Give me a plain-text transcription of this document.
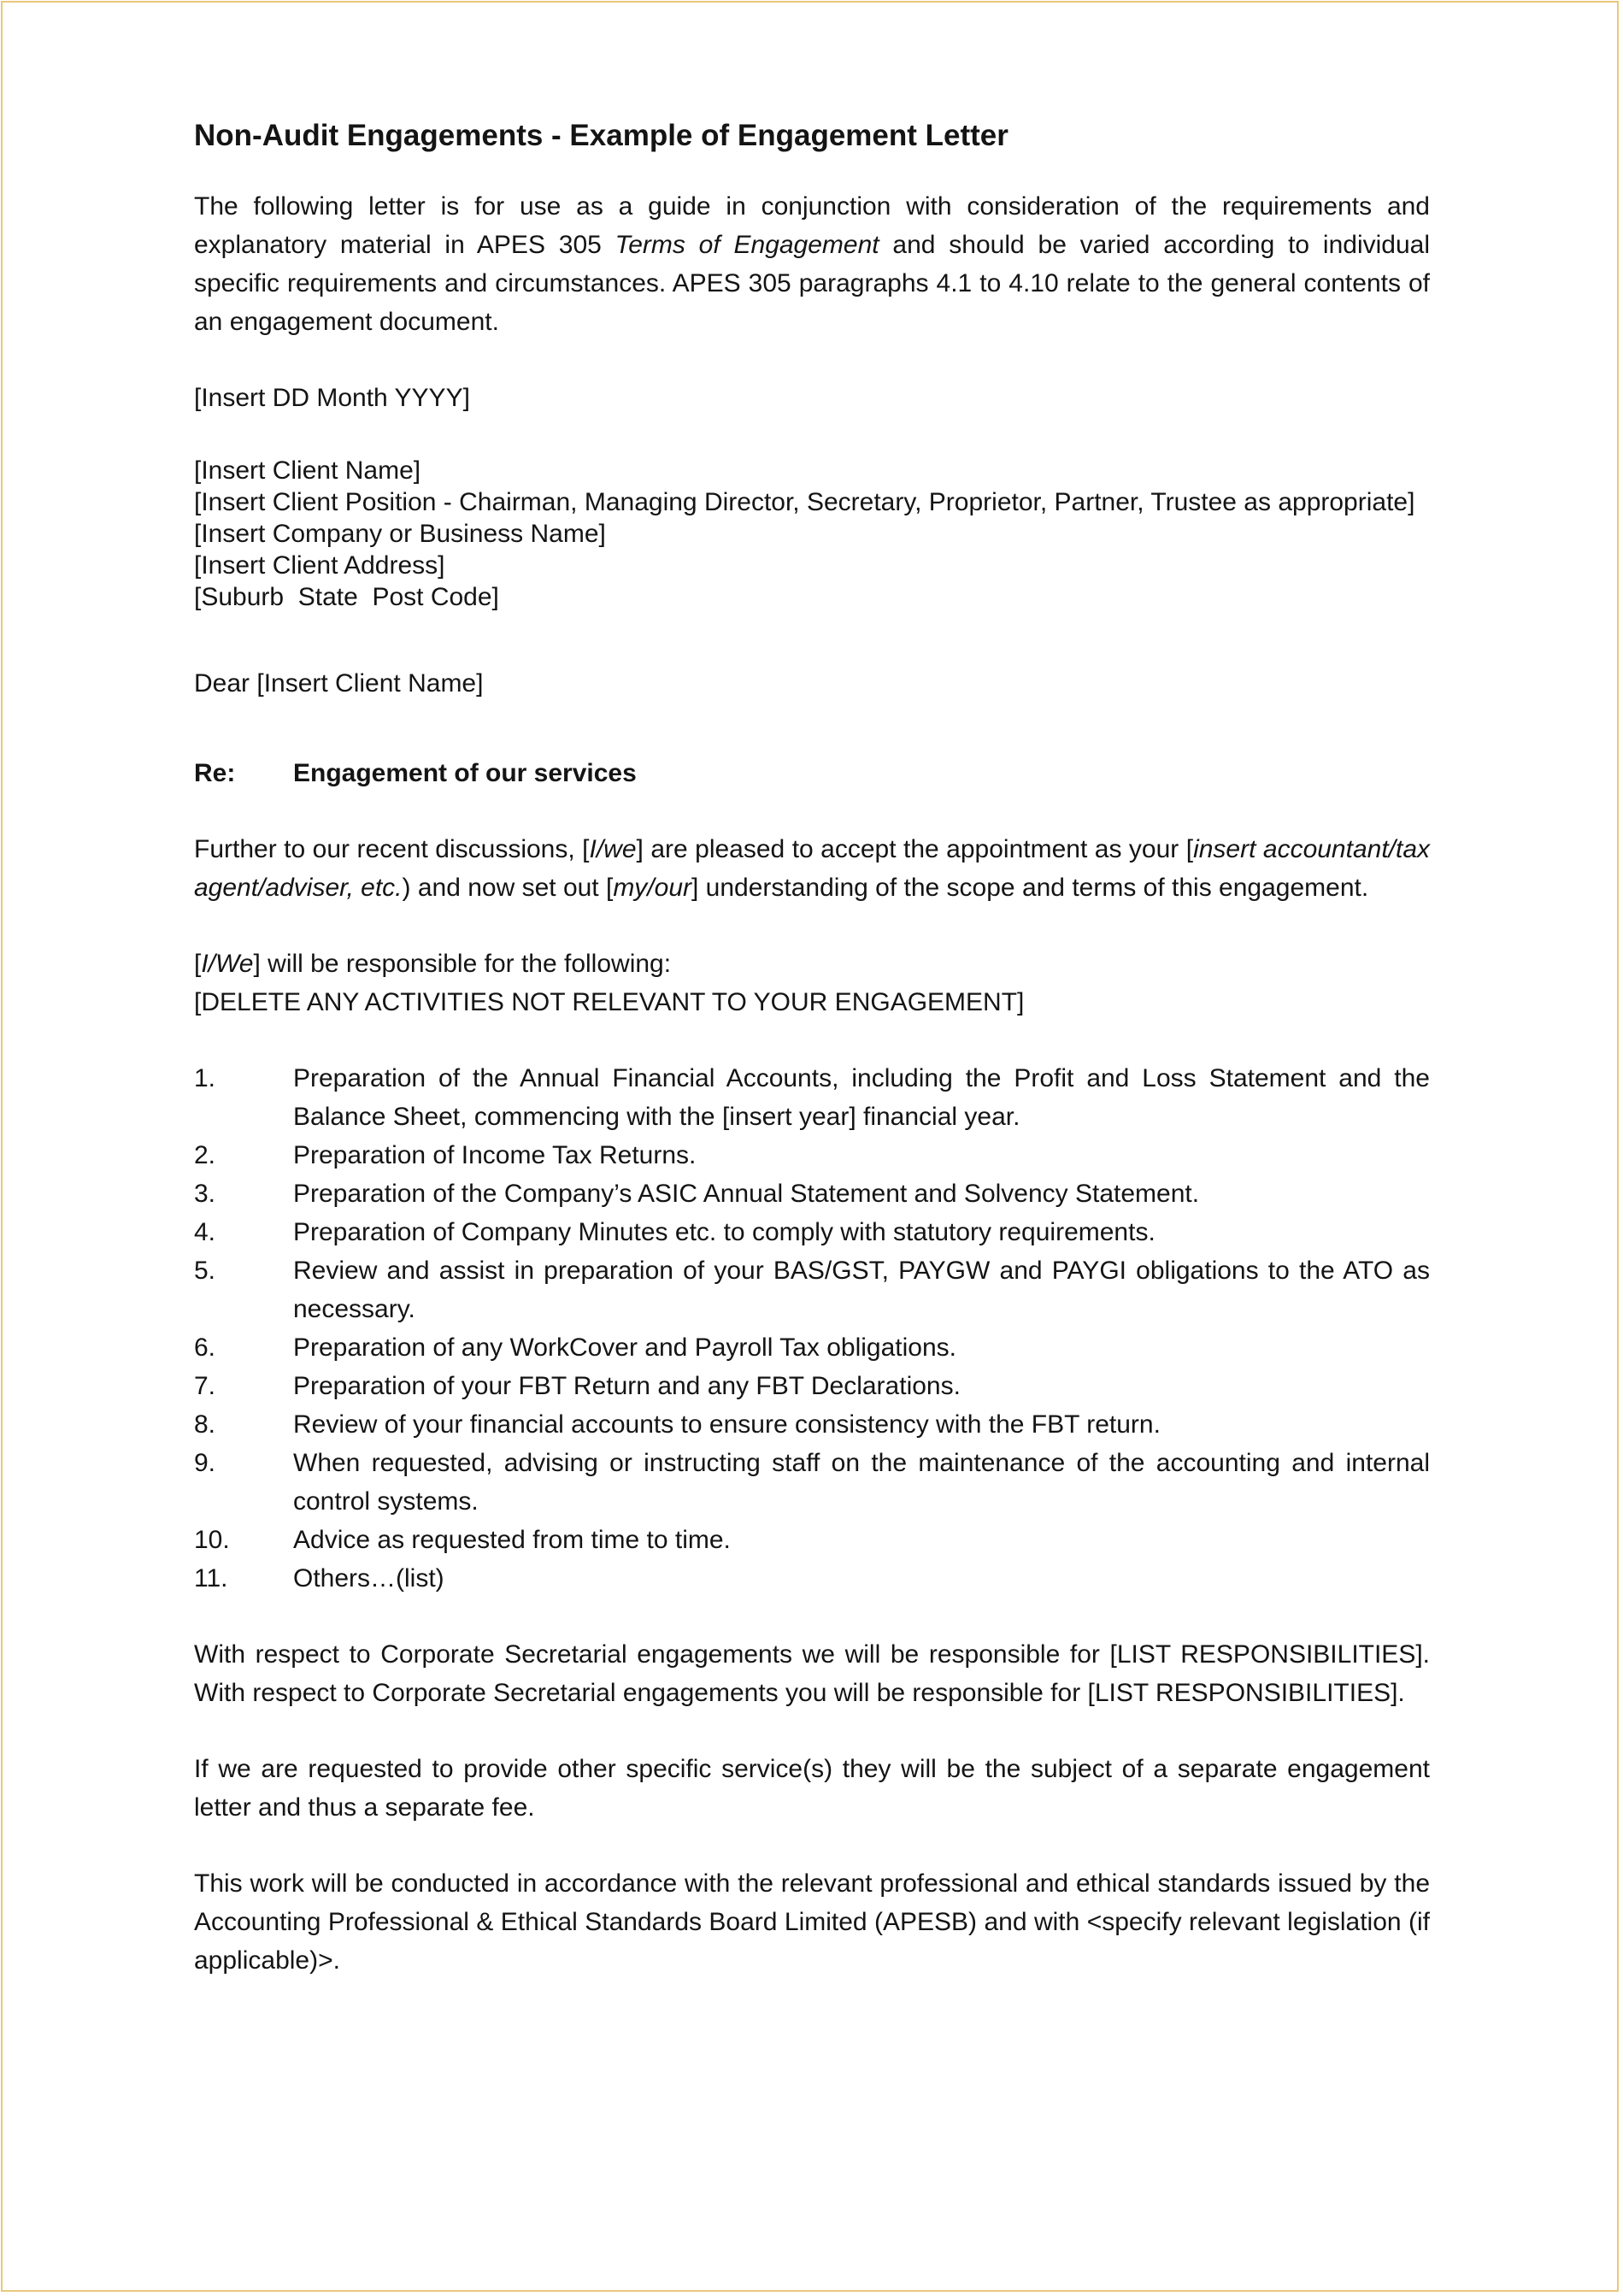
Non-Audit Engagements - Example of Engagement Letter

The following letter is for use as a guide in conjunction with consideration of the requirements and explanatory material in APES 305 Terms of Engagement and should be varied according to individual specific requirements and circumstances. APES 305 paragraphs 4.1 to 4.10 relate to the general contents of an engagement document.

[Insert DD Month YYYY]

[Insert Client Name]

[Insert Client Position - Chairman, Managing Director, Secretary, Proprietor, Partner, Trustee as appropriate]

[Insert Company or Business Name]

[Insert Client Address]

[Suburb  State  Post Code]

Dear [Insert Client Name]

Re:	Engagement of our services

Further to our recent discussions, [I/we] are pleased to accept the appointment as your [insert accountant/tax agent/adviser, etc.) and now set out [my/our] understanding of the scope and terms of this engagement.

[I/We] will be responsible for the following:

[DELETE ANY ACTIVITIES NOT RELEVANT TO YOUR ENGAGEMENT]

1.	Preparation of the Annual Financial Accounts, including the Profit and Loss Statement and the Balance Sheet, commencing with the [insert year] financial year.
2.	Preparation of Income Tax Returns.
3.	Preparation of the Company’s ASIC Annual Statement and Solvency Statement.
4.	Preparation of Company Minutes etc. to comply with statutory requirements.
5.	Review and assist in preparation of your BAS/GST, PAYGW and PAYGI obligations to the ATO as necessary.
6.	Preparation of any WorkCover and Payroll Tax obligations.
7.	Preparation of your FBT Return and any FBT Declarations.
8.	Review of your financial accounts to ensure consistency with the FBT return.
9.	When requested, advising or instructing staff on the maintenance of the accounting and internal control systems.
10.	Advice as requested from time to time.
11.	Others…(list)

With respect to Corporate Secretarial engagements we will be responsible for [LIST RESPONSIBILITIES]. With respect to Corporate Secretarial engagements you will be responsible for [LIST RESPONSIBILITIES].

If we are requested to provide other specific service(s) they will be the subject of a separate engagement letter and thus a separate fee.

This work will be conducted in accordance with the relevant professional and ethical standards issued by the Accounting Professional & Ethical Standards Board Limited (APESB) and with <specify relevant legislation (if applicable)>.
